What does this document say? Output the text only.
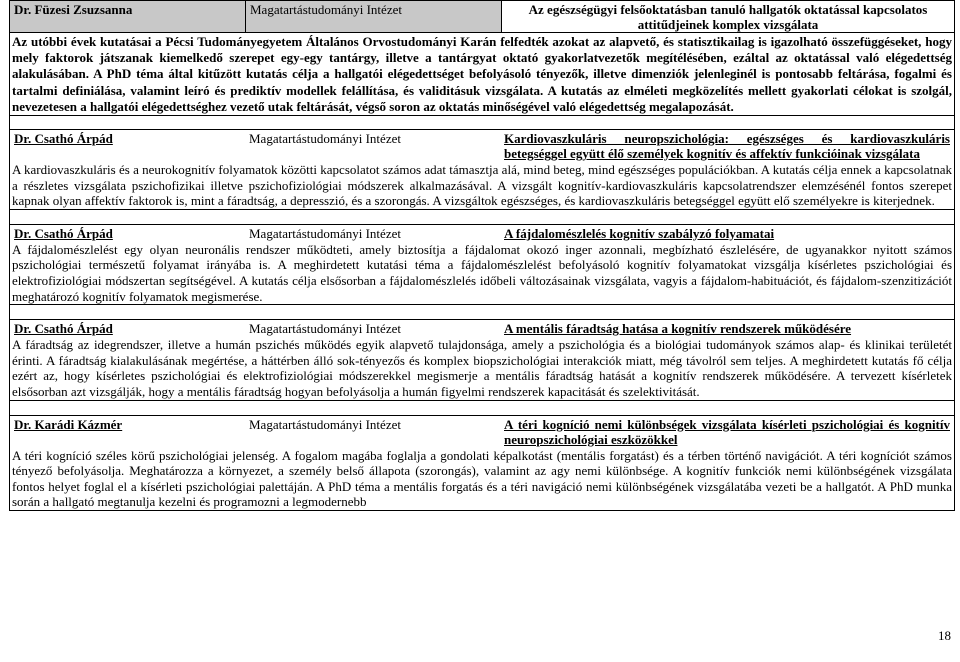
Dr. Füzesi Zsuzsanna	Magatartástudományi Intézet	Az egészségügyi felsőoktatásban tanuló hallgatók oktatással kapcsolatos attitűdjeinek komplex vizsgálata
Az utóbbi évek kutatásai a Pécsi Tudományegyetem Általános Orvostudományi Karán felfedték azokat az alapvető, és statisztikailag is igazolható összefüggéseket, hogy mely faktorok játszanak kiemelkedő szerepet egy-egy tantárgy, illetve a tantárgyat oktató gyakorlatvezetők megítélésében, ezáltal az oktatással való elégedettség alakulásában. A PhD téma által kitűzött kutatás célja a hallgatói elégedettséget befolyásoló tényezők, illetve dimenziók jelenleginél is pontosabb feltárása, fogalmi és tartalmi definiálása, valamint leíró és prediktív modellek felállítása, és validitásuk vizsgálata. A kutatás az elméleti megközelítés mellett gyakorlati célokat is szolgál, nevezetesen a hallgatói elégedettséghez vezető utak feltárását, végső soron az oktatás minőségével való elégedettség megalapozását.
Dr. Csathó Árpád	Magatartástudományi Intézet	Kardiovaszkuláris neuropszichológia: egészséges és kardiovaszkuláris betegséggel együtt élő személyek kognitív és affektív funkcióinak vizsgálata
A kardiovaszkuláris és a neurokognitív folyamatok közötti kapcsolatot számos adat támasztja alá, mind beteg, mind egészséges populációkban. A kutatás célja ennek a kapcsolatnak a részletes vizsgálata pszichofizikai illetve pszichofiziológiai módszerek alkalmazásával. A vizsgált kognitív-kardiovaszkuláris kapcsolatrendszer elemzésénél fontos szerepet kapnak olyan affektív faktorok is, mint a fáradtság, a depresszió, és a szorongás. A vizsgáltok egészséges, és kardiovaszkuláris betegséggel együtt elő személyekre is kiterjednek.
Dr. Csathó Árpád	Magatartástudományi Intézet	A fájdalomészlelés kognitív szabályzó folyamatai
A fájdalomészlelést egy olyan neuronális rendszer működteti, amely biztosítja a fájdalomat okozó inger azonnali, megbízható észlelésére, de ugyanakkor nyitott számos pszichológiai természetű folyamat irányába is. A meghirdetett kutatási téma a fájdalomészlelést befolyásoló kognitív folyamatokat vizsgálja kísérletes pszichológiai és elektrofiziológiai módszertan segítségével. A kutatás célja elsősorban a fájdalomészlelés időbeli változásainak vizsgálata, vagyis a fájdalom-habituációt, és fájdalom-szenzitizációt meghatározó kognitív folyamatok megismerése.
Dr. Csathó Árpád	Magatartástudományi Intézet	A mentális fáradtság hatása a kognitív rendszerek működésére
A fáradtság az idegrendszer, illetve a humán pszichés működés egyik alapvető tulajdonsága, amely a pszichológia és a biológiai tudományok számos alap- és klinikai területét érinti. A fáradtság kialakulásának megértése, a háttérben álló sok-tényezős és komplex biopszichológiai interakciók miatt, még távolról sem teljes. A meghirdetett kutatás fő célja ezért az, hogy kísérletes pszichológiai és elektrofiziológiai módszerekkel megismerje a mentális fáradtság hatását a kognitív rendszerek működésére. A tervezett kísérletek elsősorban azt vizsgálják, hogy a mentális fáradtság hogyan befolyásolja a humán figyelmi rendszerek kapacitását és szelektivitását.
Dr. Karádi Kázmér	Magatartástudományi Intézet	A téri kogníció nemi különbségek vizsgálata kísérleti pszichológiai és kognitív neuropszichológiai eszközökkel
A téri kogníció széles körű pszichológiai jelenség. A fogalom magába foglalja a gondolati képalkotást (mentális forgatást) és a térben történő navigációt. A téri kogníciót számos tényező befolyásolja. Meghatározza a környezet, a személy belső állapota (szorongás), valamint az agy nemi különbsége. A kognitív funkciók nemi különbségének vizsgálata fontos helyet foglal el a kísérleti pszichológiai palettáján. A PhD téma a mentális forgatás és a téri navigáció nemi különbségének vizsgálatába vezeti be a hallgatót. A PhD munka során a hallgató megtanulja kezelni és programozni a legmodernebb
18
